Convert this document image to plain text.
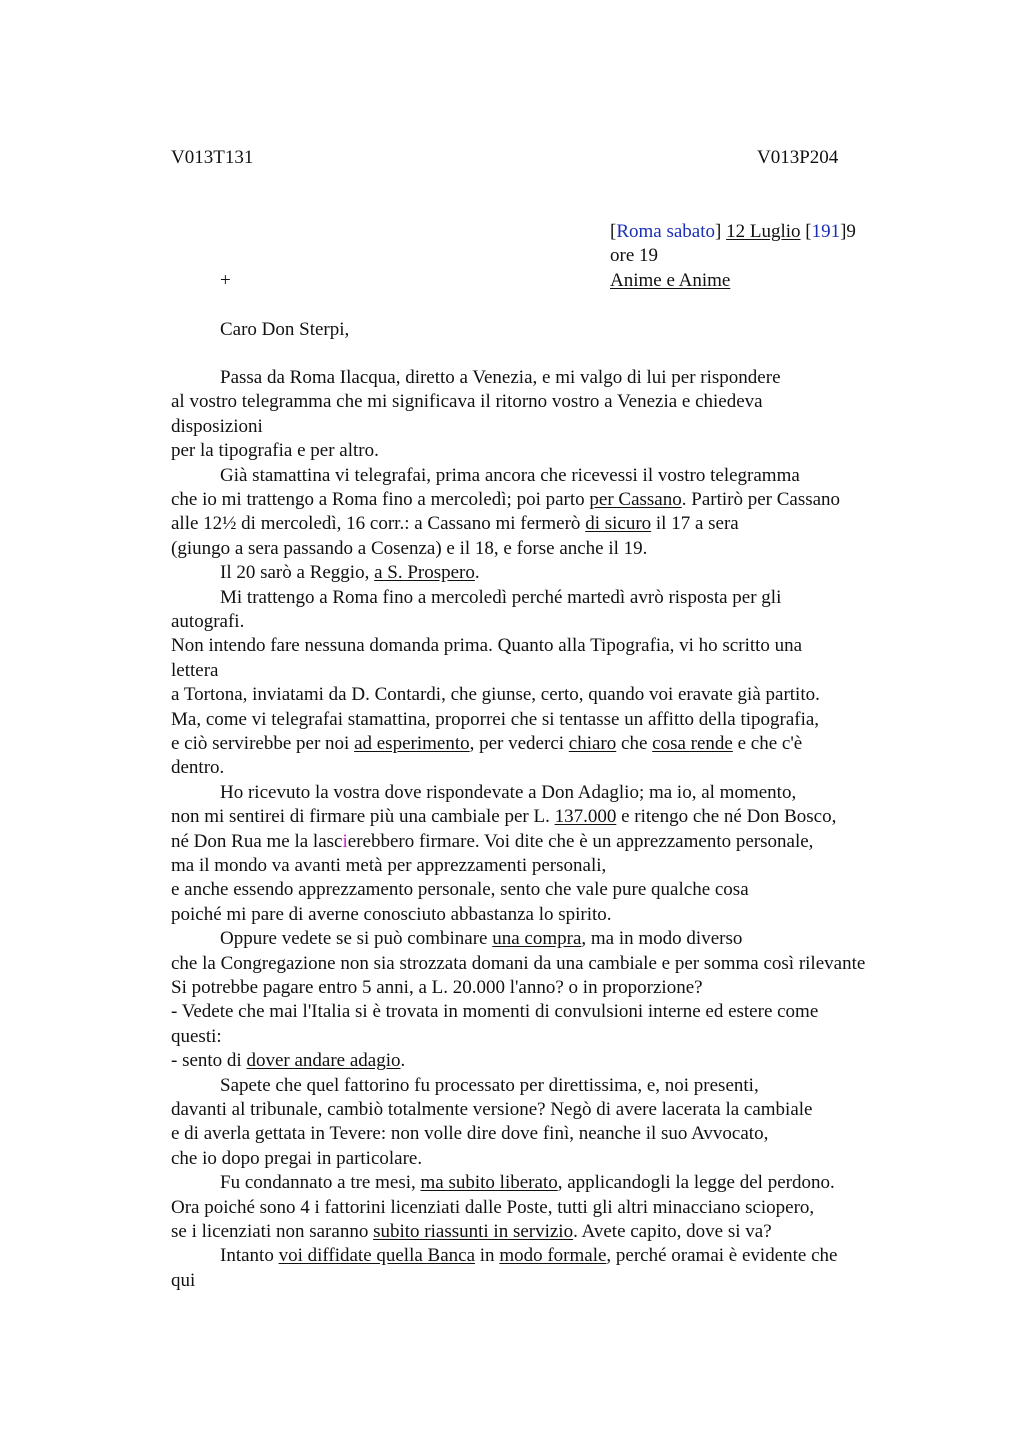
V013T131	V013P204
[Roma sabato] 12 Luglio [191]9
ore 19
Anime e Anime
+
Caro Don Sterpi,
Passa da Roma Ilacqua, diretto a Venezia, e mi valgo di lui per rispondere
al vostro telegramma che mi significava il ritorno vostro a Venezia e chiedeva
disposizioni
per la tipografia e per altro.
Già stamattina vi telegrafai, prima ancora che ricevessi il vostro telegramma
che io mi trattengo a Roma fino a mercoledì; poi parto per Cassano. Partirò per Cassano
alle 12½ di mercoledì, 16 corr.: a Cassano mi fermerò di sicuro il 17 a sera
(giungo a sera passando a Cosenza) e il 18, e forse anche il 19.
Il 20 sarò a Reggio, a S. Prospero.
Mi trattengo a Roma fino a mercoledì perché martedì avrò risposta per gli
autografi.
Non intendo fare nessuna domanda prima. Quanto alla Tipografia, vi ho scritto una
lettera
a Tortona, inviatami da D. Contardi, che giunse, certo, quando voi eravate già partito.
Ma, come vi telegrafai stamattina, proporrei che si tentasse un affitto della tipografia,
e ciò servirebbe per noi ad esperimento, per vederci chiaro che cosa rende e che c'è
dentro.
Ho ricevuto la vostra dove rispondevate a Don Adaglio; ma io, al momento,
non mi sentirei di firmare più una cambiale per L. 137.000 e ritengo che né Don Bosco,
né Don Rua me la lascierebbero firmare. Voi dite che è un apprezzamento personale,
ma il mondo va avanti metà per apprezzamenti personali,
e anche essendo apprezzamento personale, sento che vale pure qualche cosa
poiché mi pare di averne conosciuto abbastanza lo spirito.
Oppure vedete se si può combinare una compra, ma in modo diverso
che la Congregazione non sia strozzata domani da una cambiale e per somma così rilevante
Si potrebbe pagare entro 5 anni, a L. 20.000 l'anno? o in proporzione?
- Vedete che mai l'Italia si è trovata in momenti di convulsioni interne ed estere come
questi:
- sento di dover andare adagio.
Sapete che quel fattorino fu processato per direttissima, e, noi presenti,
davanti al tribunale, cambiò totalmente versione? Negò di avere lacerata la cambiale
e di averla gettata in Tevere: non volle dire dove finì, neanche il suo Avvocato,
che io dopo pregai in particolare.
Fu condannato a tre mesi, ma subito liberato, applicandogli la legge del perdono.
Ora poiché sono 4 i fattorini licenziati dalle Poste, tutti gli altri minacciano sciopero,
se i licenziati non saranno subito riassunti in servizio. Avete capito, dove si va?
Intanto voi diffidate quella Banca in modo formale, perché oramai è evidente che
qui
